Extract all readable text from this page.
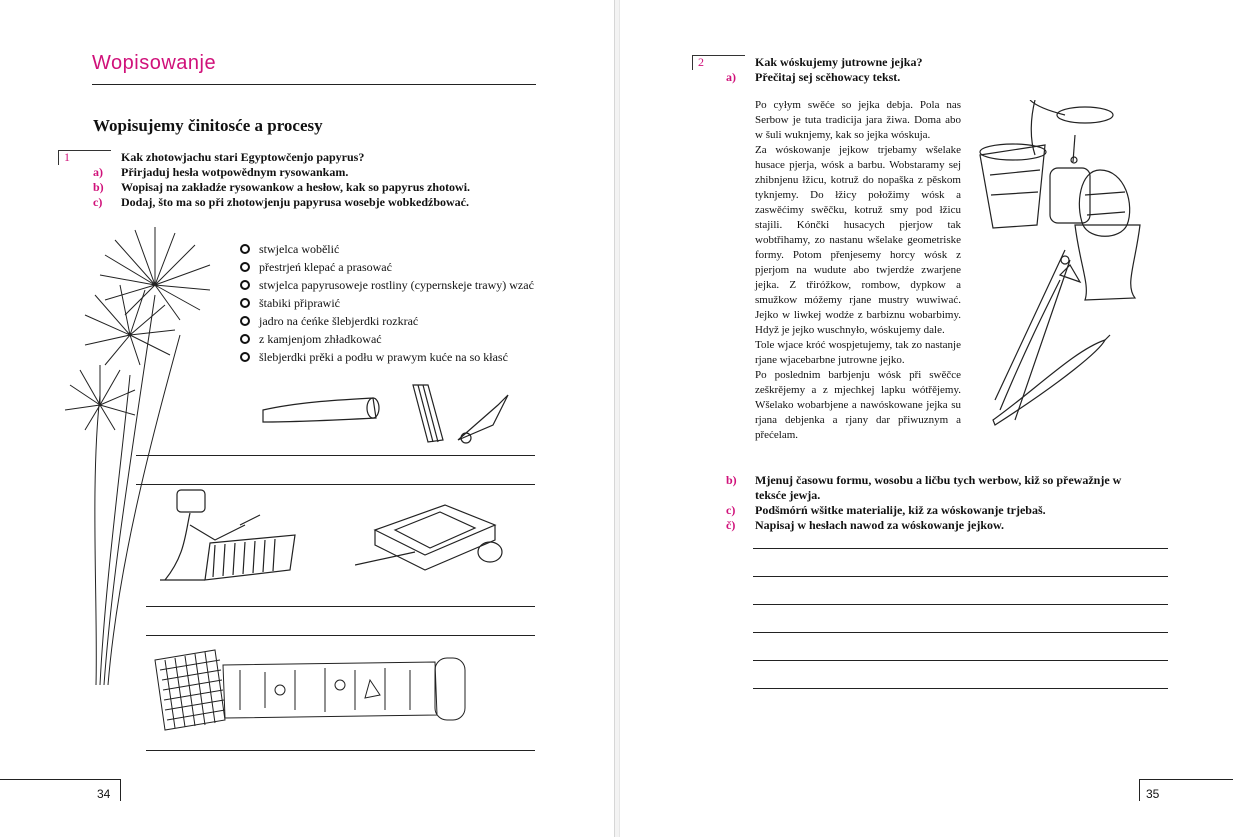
Wopisowanje
Wopisujemy činitosće a procesy
1	Kak zhotowjachu stari Egyptowčenjo papyrus?
a) Přirjaduj hesła wotpowědnym rysowankam.
b) Wopisaj na zakładźe rysowankow a hesłow, kak so papyrus zhotowi.
c) Dodaj, što ma so při zhotowjenju papyrusa wosebje wobkedźbować.
stwjelca wobělić
přestrjeń klepać a prasować
stwjelca papyrusoweje rostliny (cypernskeje trawy) wzać
štabiki připrawić
jadro na ćeńke šlebjerdki rozkrać
z kamjenjom zhładkować
šlebjerdki prěki a podłu w prawym kuće na so kłasć
34
2	Kak wóskujemy jutrowne jejka?
a) Přečitaj sej scěhowacy tekst.

Po cyłym swěće so jejka debja. Pola nas Serbow je tuta tradicija jara žiwa. Doma abo w šuli wuknjemy, kak so jejka wóskuja.

Za wóskowanje jejkow trjebamy wšelake husace pjerja, wósk a barbu. Wobstaramy sej zhibnjenu łžicu, kotruž do nopaška z pěskom tyknjemy. Do łžicy połožimy wósk a zaswěćimy swěčku, kotruž smy pod łžicu stajili. Kónčki husacych pjerjow tak wobtřihamy, zo nastanu wšelake geometriske formy. Potom přenjesemy horcy wósk z pjerjom na wudute abo twjerdźe zwarjene jejka. Z třiróžkow, rombow, dypkow a smužkow móžemy rjane mustry wuwiwać. Jejko w liwkej wodźe z barbiznu wobarbimy. Hdyž je jejko wuschnyło, wóskujemy dale.

Tole wjace króć wospjetujemy, tak zo nastanje rjane wjacebarbne jutrowne jejko.

Po poslednim barbjenju wósk při swěčce zeškrějemy a z mjechkej lapku wótřějemy. Wšelako wobarbjene a nawóskowane jejka su rjana debjenka a rjany dar přiwuznym a přećelam.

b) Mjenuj časowu formu, wosobu a ličbu tych werbow, kiž so přewažnje w teksće jewja.
c) Podšmórń wšitke materialije, kiž za wóskowanje trjebaš.
č) Napisaj w hesłach nawod za wóskowanje jejkow.
35
